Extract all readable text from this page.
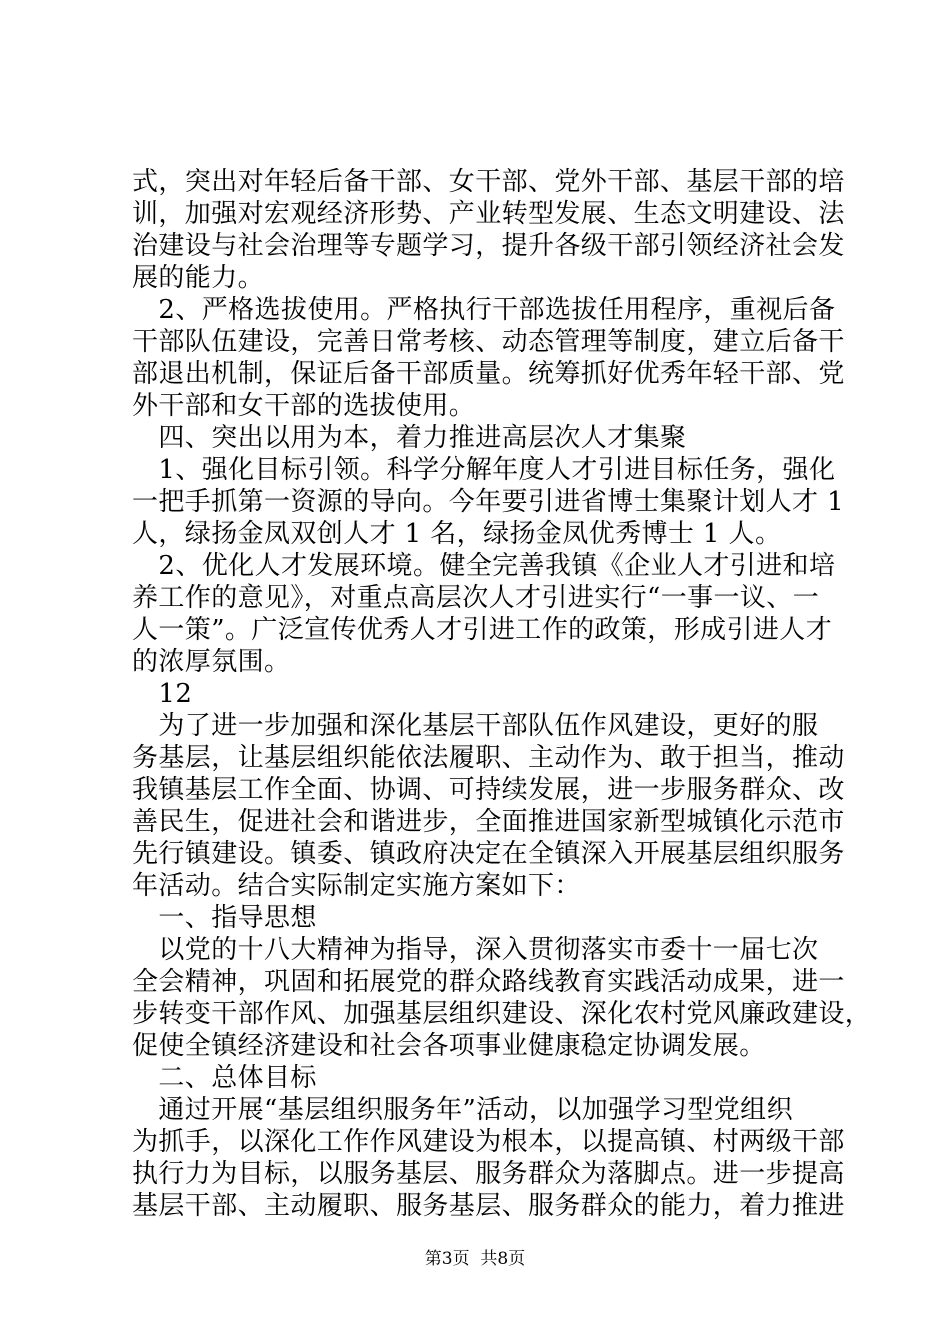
式，突出对年轻后备干部、女干部、党外干部、基层干部的培
训，加强对宏观经济形势、产业转型发展、生态文明建设、法
治建设与社会治理等专题学习，提升各级干部引领经济社会发
展的能力。
　2、严格选拔使用。严格执行干部选拔任用程序，重视后备
干部队伍建设，完善日常考核、动态管理等制度，建立后备干
部退出机制，保证后备干部质量。统筹抓好优秀年轻干部、党
外干部和女干部的选拔使用。
　四、突出以用为本，着力推进高层次人才集聚
　1、强化目标引领。科学分解年度人才引进目标任务，强化
一把手抓第一资源的导向。今年要引进省博士集聚计划人才 1
人，绿扬金凤双创人才 1 名，绿扬金凤优秀博士 1 人。
　2、优化人才发展环境。健全完善我镇《企业人才引进和培
养工作的意见》，对重点高层次人才引进实行“一事一议、一
人一策”。广泛宣传优秀人才引进工作的政策，形成引进人才
的浓厚氛围。
　12
　为了进一步加强和深化基层干部队伍作风建设，更好的服
务基层，让基层组织能依法履职、主动作为、敢于担当，推动
我镇基层工作全面、协调、可持续发展，进一步服务群众、改
善民生，促进社会和谐进步，全面推进国家新型城镇化示范市
先行镇建设。镇委、镇政府决定在全镇深入开展基层组织服务
年活动。结合实际制定实施方案如下：
　一、指导思想
　以党的十八大精神为指导，深入贯彻落实市委十一届七次
全会精神，巩固和拓展党的群众路线教育实践活动成果，进一
步转变干部作风、加强基层组织建设、深化农村党风廉政建设，
促使全镇经济建设和社会各项事业健康稳定协调发展。
　二、总体目标
　通过开展“基层组织服务年”活动，以加强学习型党组织
为抓手，以深化工作作风建设为根本，以提高镇、村两级干部
执行力为目标，以服务基层、服务群众为落脚点。进一步提高
基层干部、主动履职、服务基层、服务群众的能力，着力推进
第3页  共8页
